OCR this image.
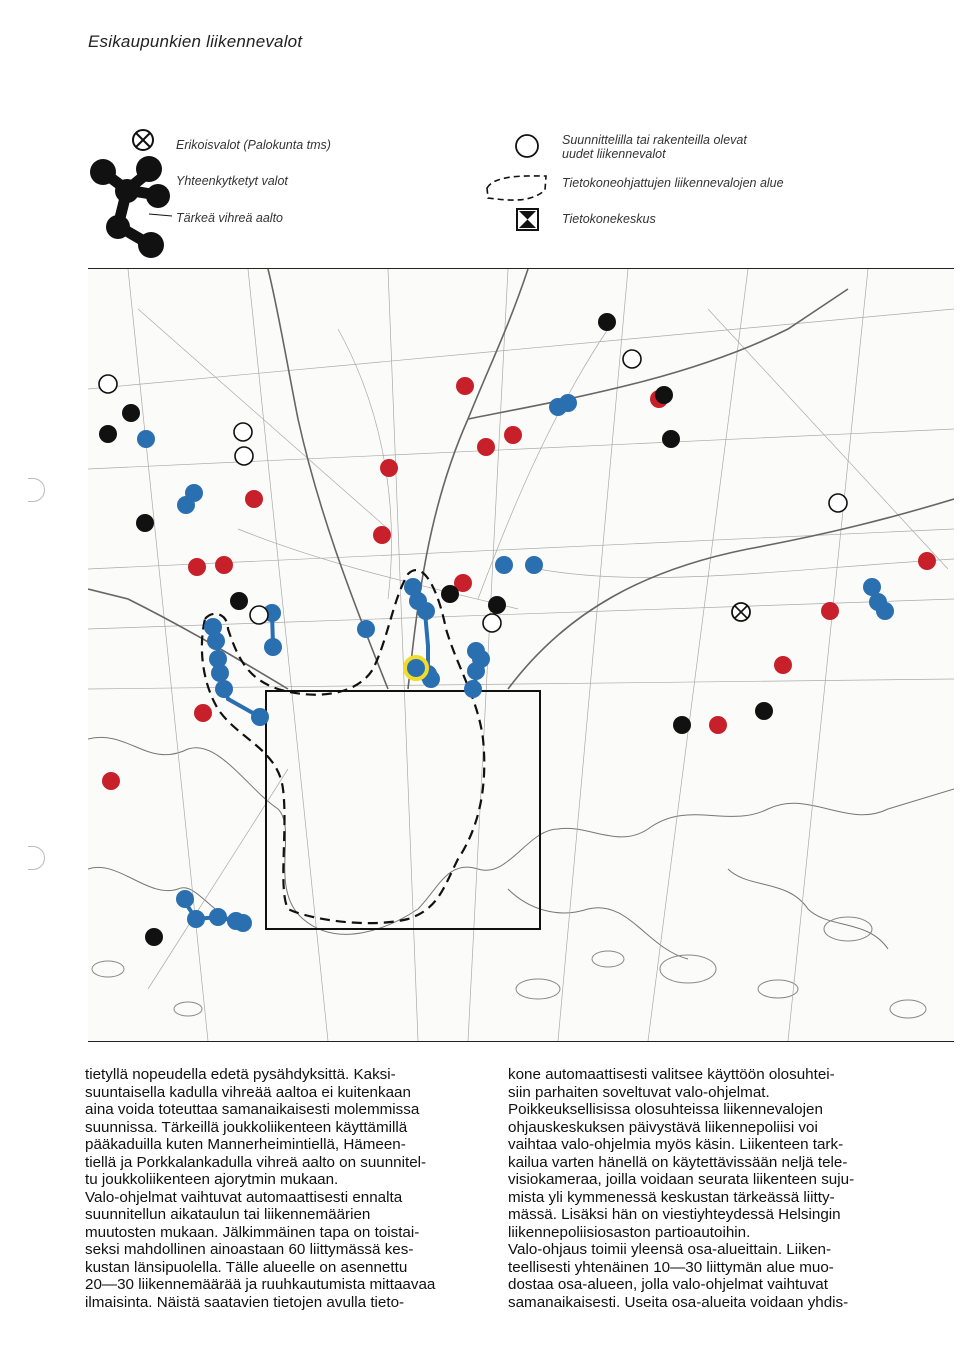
Esikaupunkien liikennevalot
Erikoisvalot (Palokunta tms)
Yhteenkytketyt valot
Tärkeä vihreä aalto
Suunnittelilla tai rakenteilla olevat
uudet liikennevalot
Tietokoneohjattujen liikennevalojen alue
Tietokonekeskus

tietyllä nopeudella edetä pysähdyksittä. Kaksi-

suuntaisella kadulla vihreää aaltoa ei kuitenkaan

aina voida toteuttaa samanaikaisesti molemmissa

suunnissa. Tärkeillä joukkoliikenteen käyttämillä

pääkaduilla kuten Mannerheimintiellä, Hämeen-

tiellä ja Porkkalankadulla vihreä aalto on suunnitel-

tu joukkoliikenteen ajorytmin mukaan.

Valo-ohjelmat vaihtuvat automaattisesti ennalta

suunnitellun aikataulun tai liikennemäärien

muutosten mukaan. Jälkimmäinen tapa on toistai-

seksi mahdollinen ainoastaan 60 liittymässä kes-

kustan länsipuolella. Tälle alueelle on asennettu

20—30 liikennemäärää ja ruuhkautumista mittaavaa

ilmaisinta. Näistä saatavien tietojen avulla tieto-

kone automaattisesti valitsee käyttöön olosuhtei-

siin parhaiten soveltuvat valo-ohjelmat.

Poikkeuksellisissa olosuhteissa liikennevalojen

ohjauskeskuksen päivystävä liikennepoliisi voi

vaihtaa valo-ohjelmia myös käsin. Liikenteen tark-

kailua varten hänellä on käytettävissään neljä tele-

visiokameraa, joilla voidaan seurata liikenteen suju-

mista yli kymmenessä keskustan tärkeässä liitty-

mässä. Lisäksi hän on viestiyhteydessä Helsingin

liikennepoliisiosaston partioautoihin.

Valo-ohjaus toimii yleensä osa-alueittain. Liiken-

teellisesti yhtenäinen 10—30 liittymän alue muo-

dostaa osa-alueen, jolla valo-ohjelmat vaihtuvat

samanaikaisesti. Useita osa-alueita voidaan yhdis-
